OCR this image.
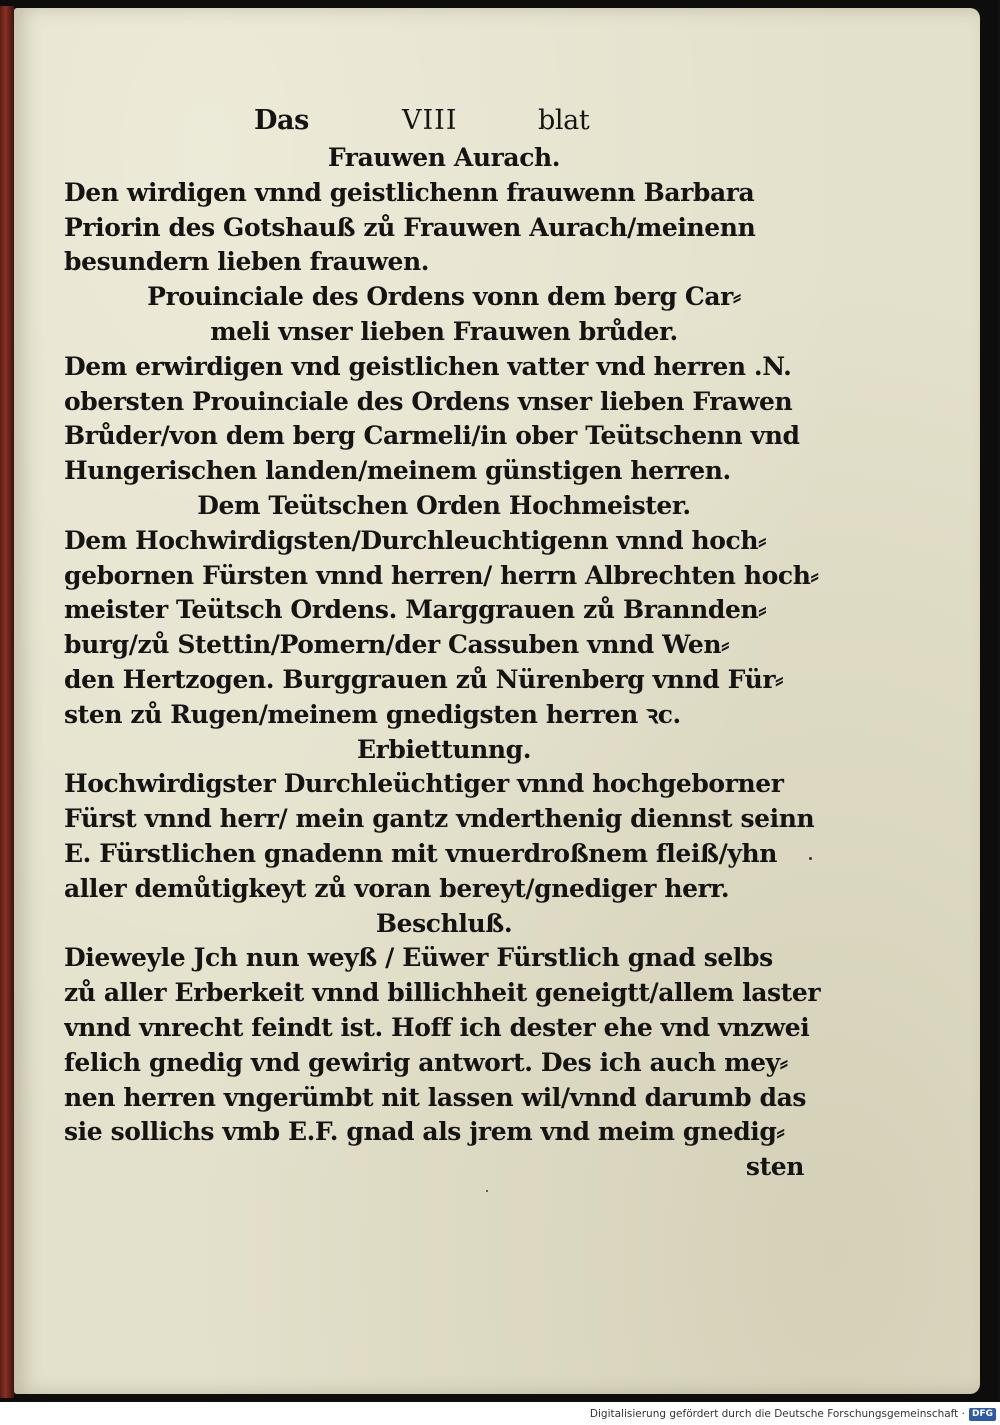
Das	VIII	blat
Frauwen Aurach.
Den wirdigen vnnd geistlichenn frauwenn Barbara
Priorin des Gotshauß zů Frauwen Aurach/meinenn
besundern lieben frauwen.
Prouinciale des Ordens vonn dem berg Car⸗
meli vnser lieben Frauwen brůder.
Dem erwirdigen vnd geistlichen vatter vnd herren .N.
obersten Prouinciale des Ordens vnser lieben Frawen
Brůder/von dem berg Carmeli/in ober Teütschenn vnd
Hungerischen landen/meinem günstigen herren.
Dem Teütschen Orden Hochmeister.
Dem Hochwirdigsten/Durchleuchtigenn vnnd hoch⸗
gebornen Fürsten vnnd herren/ herrn Albrechten hoch⸗
meister Teütsch Ordens. Marggrauen zů Brannden⸗
burg/zů Stettin/Pomern/der Cassuben vnnd Wen⸗
den Hertzogen. Burggrauen zů Nürenberg vnnd Für⸗
sten zů Rugen/meinem gnedigsten herren ꝛc.
Erbiettunng.
Hochwirdigster Durchleüchtiger vnnd hochgeborner
Fürst vnnd herr/ mein gantz vnderthenig diennst seinn
E. Fürstlichen gnadenn mit vnuerdroßnem fleiß/yhn
aller demůtigkeyt zů voran bereyt/gnediger herr.
Beschluß.
Dieweyle Jch nun weyß / Eüwer Fürstlich gnad selbs
zů aller Erberkeit vnnd billichheit geneigtt/allem laster
vnnd vnrecht feindt ist. Hoff ich dester ehe vnd vnzwei
felich gnedig vnd gewirig antwort. Des ich auch mey⸗
nen herren vngerümbt nit lassen wil/vnnd darumb das
sie sollichs vmb E.F. gnad als jrem vnd meim gnedig⸗
sten
Digitalisierung gefördert durch die Deutsche Forschungsgemeinschaft · DFG
